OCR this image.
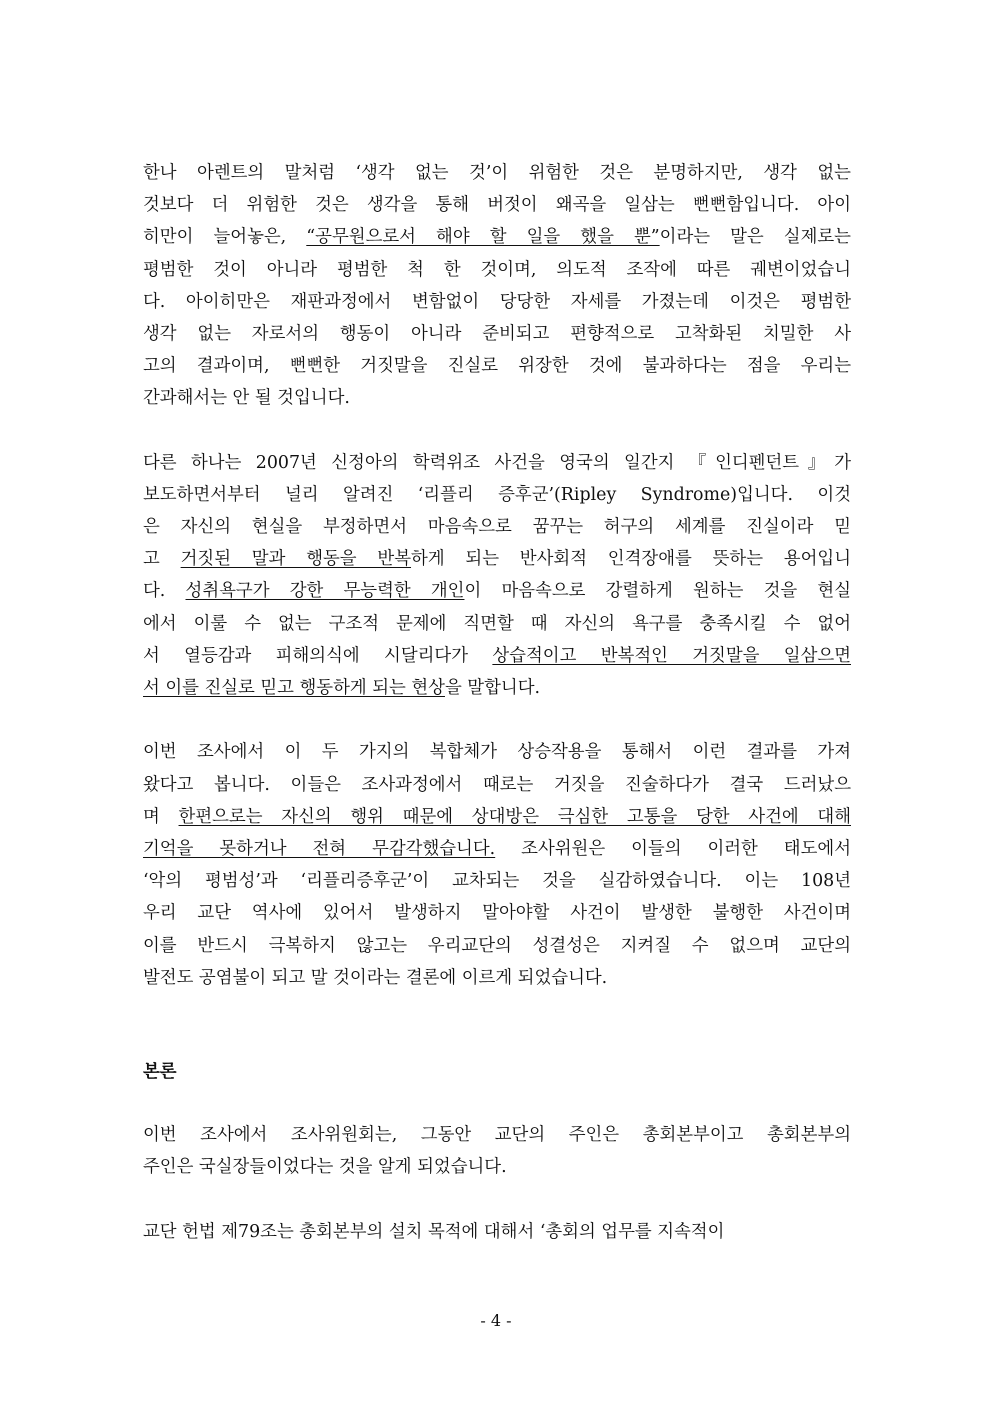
한나 아렌트의 말처럼 ‘생각 없는 것’이 위험한 것은 분명하지만, 생각 없는
것보다 더 위험한 것은 생각을 통해 버젓이 왜곡을 일삼는 뻔뻔함입니다. 아이
히만이 늘어놓은, “공무원으로서 해야 할 일을 했을 뿐”이라는 말은 실제로는
평범한 것이 아니라 평범한 척 한 것이며, 의도적 조작에 따른 궤변이었습니
다. 아이히만은 재판과정에서 변함없이 당당한 자세를 가졌는데 이것은 평범한
생각 없는 자로서의 행동이 아니라 준비되고 편향적으로 고착화된 치밀한 사
고의 결과이며, 뻔뻔한 거짓말을 진실로 위장한 것에 불과하다는 점을 우리는
간과해서는 안 될 것입니다.
다른 하나는 2007년 신정아의 학력위조 사건을 영국의 일간지 『인디펜던트』가
보도하면서부터 널리 알려진 ‘리플리 증후군’(Ripley Syndrome)입니다. 이것
은 자신의 현실을 부정하면서 마음속으로 꿈꾸는 허구의 세계를 진실이라 믿
고 거짓된 말과 행동을 반복하게 되는 반사회적 인격장애를 뜻하는 용어입니
다. 성취욕구가 강한 무능력한 개인이 마음속으로 강렬하게 원하는 것을 현실
에서 이룰 수 없는 구조적 문제에 직면할 때 자신의 욕구를 충족시킬 수 없어
서 열등감과 피해의식에 시달리다가 상습적이고 반복적인 거짓말을 일삼으면
서 이를 진실로 믿고 행동하게 되는 현상을 말합니다.
이번 조사에서 이 두 가지의 복합체가 상승작용을 통해서 이런 결과를 가져
왔다고 봅니다. 이들은 조사과정에서 때로는 거짓을 진술하다가 결국 드러났으
며 한편으로는 자신의 행위 때문에 상대방은 극심한 고통을 당한 사건에 대해
기억을 못하거나 전혀 무감각했습니다. 조사위원은 이들의 이러한 태도에서
‘악의 평범성’과 ‘리플리증후군’이 교차되는 것을 실감하였습니다. 이는 108년
우리 교단 역사에 있어서 발생하지 말아야할 사건이 발생한 불행한 사건이며
이를 반드시 극복하지 않고는 우리교단의 성결성은 지켜질 수 없으며 교단의
발전도 공염불이 되고 말 것이라는 결론에 이르게 되었습니다.
본론
이번 조사에서 조사위원회는, 그동안 교단의 주인은 총회본부이고 총회본부의
주인은 국실장들이었다는 것을 알게 되었습니다.
교단 헌법 제79조는 총회본부의 설치 목적에 대해서 ‘총회의 업무를 지속적이
- 4 -
